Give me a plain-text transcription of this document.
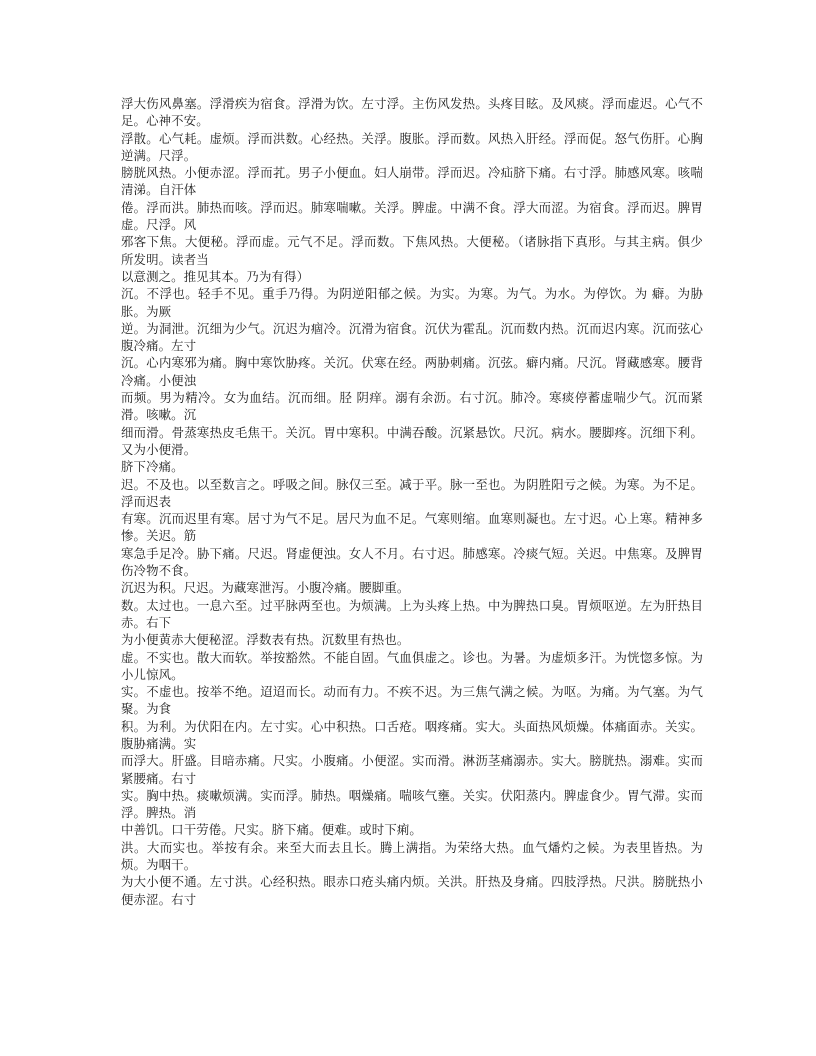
浮大伤风鼻塞。浮滑疾为宿食。浮滑为饮。左寸浮。主伤风发热。头疼目眩。及风痰。浮而虚迟。心气不足。心神不安。

浮散。心气耗。虚烦。浮而洪数。心经热。关浮。腹胀。浮而数。风热入肝经。浮而促。怒气伤肝。心胸逆满。尺浮。

膀胱风热。小便赤涩。浮而芤。男子小便血。妇人崩带。浮而迟。冷疝脐下痛。右寸浮。肺感风寒。咳喘清涕。自汗体

倦。浮而洪。肺热而咳。浮而迟。肺寒喘嗽。关浮。脾虚。中满不食。浮大而涩。为宿食。浮而迟。脾胃虚。尺浮。风

邪客下焦。大便秘。浮而虚。元气不足。浮而数。下焦风热。大便秘。（诸脉指下真形。与其主病。俱少所发明。读者当

以意测之。推见其本。乃为有得）

沉。不浮也。轻手不见。重手乃得。为阴逆阳郁之候。为实。为寒。为气。为水。为停饮。为 癖。为胁胀。为厥

逆。为洞泄。沉细为少气。沉迟为痼冷。沉滑为宿食。沉伏为霍乱。沉而数内热。沉而迟内寒。沉而弦心腹冷痛。左寸

沉。心内寒邪为痛。胸中寒饮胁疼。关沉。伏寒在经。两胁刺痛。沉弦。癖内痛。尺沉。肾藏感寒。腰背冷痛。小便浊

而频。男为精冷。女为血结。沉而细。胫 阴痒。溺有余沥。右寸沉。肺冷。寒痰停蓄虚喘少气。沉而紧滑。咳嗽。沉

细而滑。骨蒸寒热皮毛焦干。关沉。胃中寒积。中满吞酸。沉紧悬饮。尺沉。病水。腰脚疼。沉细下利。又为小便滑。

脐下冷痛。

迟。不及也。以至数言之。呼吸之间。脉仅三至。减于平。脉一至也。为阴胜阳亏之候。为寒。为不足。浮而迟表

有寒。沉而迟里有寒。居寸为气不足。居尺为血不足。气寒则缩。血寒则凝也。左寸迟。心上寒。精神多惨。关迟。筋

寒急手足冷。胁下痛。尺迟。肾虚便浊。女人不月。右寸迟。肺感寒。冷痰气短。关迟。中焦寒。及脾胃伤冷物不食。

沉迟为积。尺迟。为藏寒泄泻。小腹冷痛。腰脚重。

数。太过也。一息六至。过平脉两至也。为烦满。上为头疼上热。中为脾热口臭。胃烦呕逆。左为肝热目赤。右下

为小便黄赤大便秘涩。浮数表有热。沉数里有热也。

虚。不实也。散大而软。举按豁然。不能自固。气血俱虚之。诊也。为暑。为虚烦多汗。为恍惚多惊。为小儿惊风。

实。不虚也。按举不绝。迢迢而长。动而有力。不疾不迟。为三焦气满之候。为呕。为痛。为气塞。为气聚。为食

积。为利。为伏阳在内。左寸实。心中积热。口舌疮。咽疼痛。实大。头面热风烦燥。体痛面赤。关实。腹胁痛满。实

而浮大。肝盛。目暗赤痛。尺实。小腹痛。小便涩。实而滑。淋沥茎痛溺赤。实大。膀胱热。溺难。实而紧腰痛。右寸

实。胸中热。痰嗽烦满。实而浮。肺热。咽燥痛。喘咳气壅。关实。伏阳蒸内。脾虚食少。胃气滞。实而浮。脾热。消

中善饥。口干劳倦。尺实。脐下痛。便难。或时下痢。

洪。大而实也。举按有余。来至大而去且长。腾上满指。为荣络大热。血气燔灼之候。为表里皆热。为烦。为咽干。

为大小便不通。左寸洪。心经积热。眼赤口疮头痛内烦。关洪。肝热及身痛。四肢浮热。尺洪。膀胱热小便赤涩。右寸
